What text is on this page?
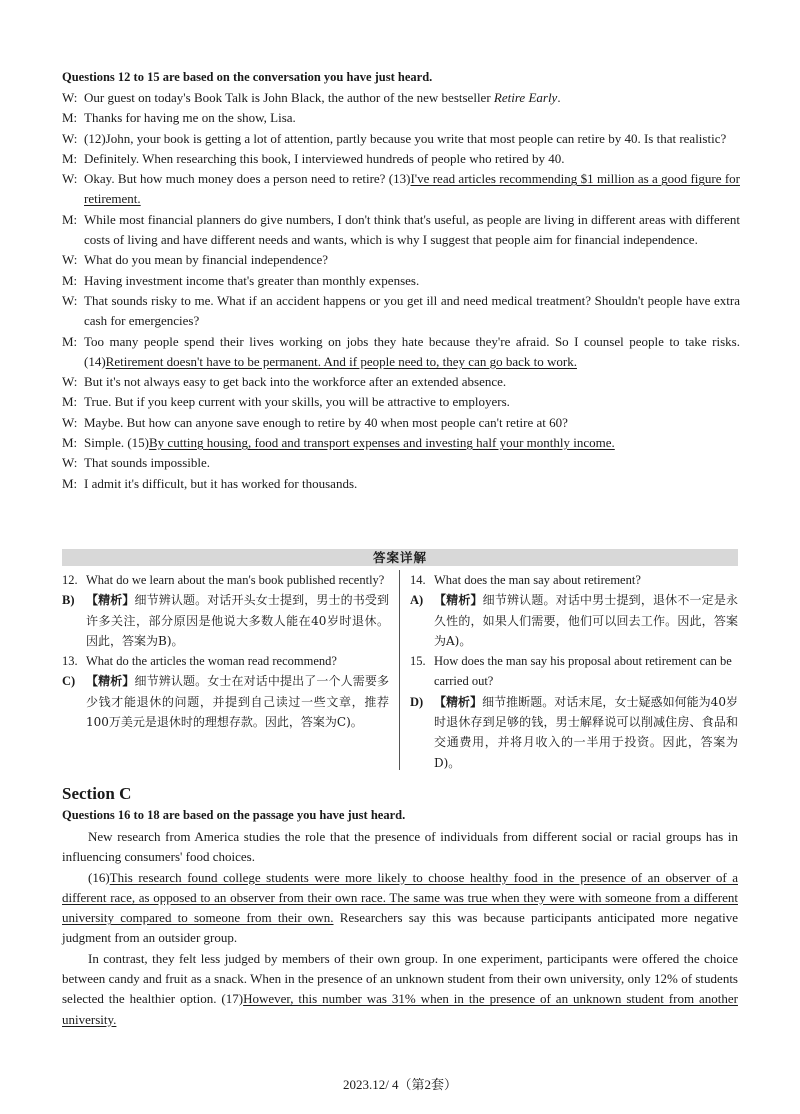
Questions 12 to 15 are based on the conversation you have just heard.
W: Our guest on today's Book Talk is John Black, the author of the new bestseller Retire Early.
M: Thanks for having me on the show, Lisa.
W: (12)John, your book is getting a lot of attention, partly because you write that most people can retire by 40. Is that realistic?
M: Definitely. When researching this book, I interviewed hundreds of people who retired by 40.
W: Okay. But how much money does a person need to retire? (13)I've read articles recommending $1 million as a good figure for retirement.
M: While most financial planners do give numbers, I don't think that's useful, as people are living in different areas with different costs of living and have different needs and wants, which is why I suggest that people aim for financial independence.
W: What do you mean by financial independence?
M: Having investment income that's greater than monthly expenses.
W: That sounds risky to me. What if an accident happens or you get ill and need medical treatment? Shouldn't people have extra cash for emergencies?
M: Too many people spend their lives working on jobs they hate because they're afraid. So I counsel people to take risks. (14)Retirement doesn't have to be permanent. And if people need to, they can go back to work.
W: But it's not always easy to get back into the workforce after an extended absence.
M: True. But if you keep current with your skills, you will be attractive to employers.
W: Maybe. But how can anyone save enough to retire by 40 when most people can't retire at 60?
M: Simple. (15)By cutting housing, food and transport expenses and investing half your monthly income.
W: That sounds impossible.
M: I admit it's difficult, but it has worked for thousands.
答案详解
12. What do we learn about the man's book published recently?
B) 【精析】细节辨认题。对话开头女士提到，男士的书受到许多关注，部分原因是他说大多数人能在40岁时退休。因此，答案为B)。
13. What do the articles the woman read recommend?
C) 【精析】细节辨认题。女士在对话中提出了一个人需要多少钱才能退休的问题，并提到自己读过一些文章，推荐100万美元是退休时的理想存款。因此，答案为C)。
14. What does the man say about retirement?
A) 【精析】细节辨认题。对话中男士提到，退休不一定是永久性的，如果人们需要，他们可以回去工作。因此，答案为A)。
15. How does the man say his proposal about retirement can be carried out?
D) 【精析】细节推断题。对话末尾，女士疑惑如何能为40岁时退休存到足够的钱，男士解释说可以削减住房、食品和交通费用，并将月收入的一半用于投资。因此，答案为D)。
Section C
Questions 16 to 18 are based on the passage you have just heard.

New research from America studies the role that the presence of individuals from different social or racial groups has in influencing consumers' food choices.

(16)This research found college students were more likely to choose healthy food in the presence of an observer of a different race, as opposed to an observer from their own race. The same was true when they were with someone from a different university compared to someone from their own. Researchers say this was because participants anticipated more negative judgment from an outsider group.

In contrast, they felt less judged by members of their own group. In one experiment, participants were offered the choice between candy and fruit as a snack. When in the presence of an unknown student from their own university, only 12% of students selected the healthier option. (17)However, this number was 31% when in the presence of an unknown student from another university.

2023.12/ 4（第2套）
